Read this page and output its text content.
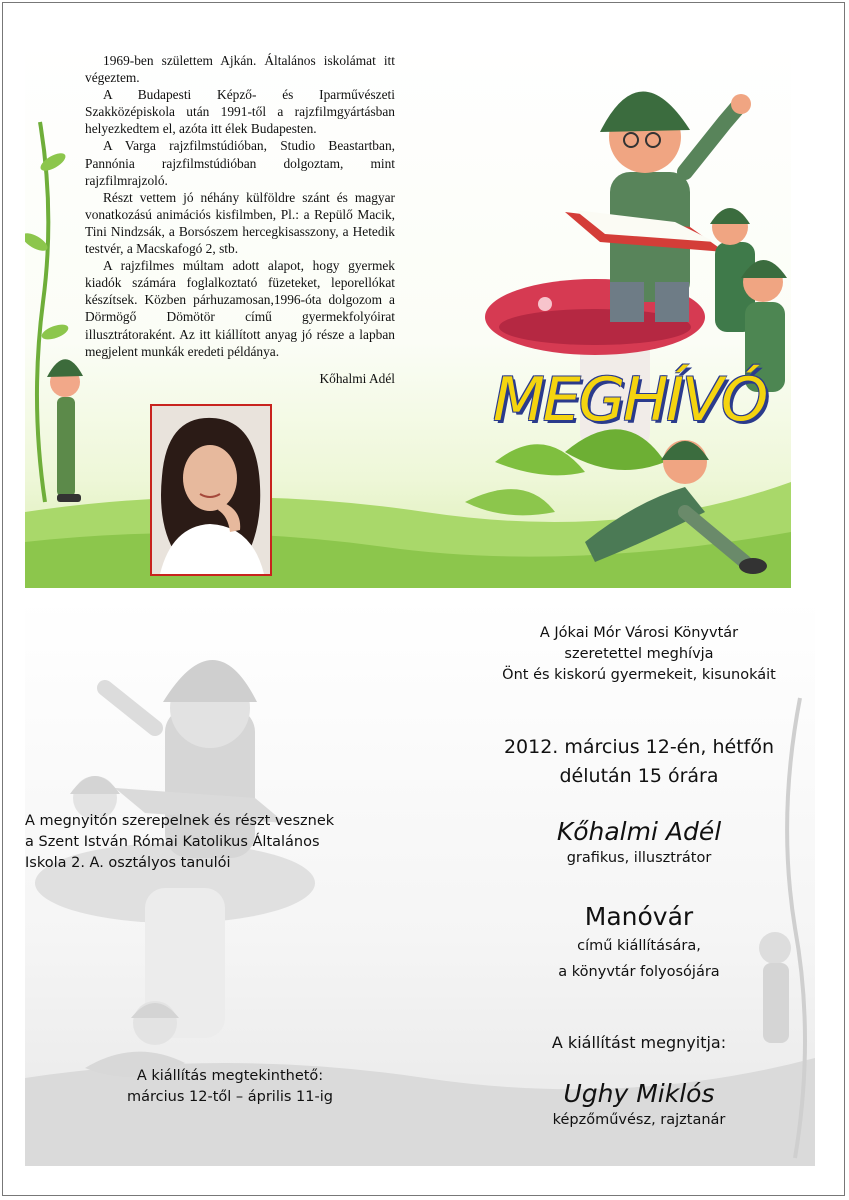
1969-ben születtem Ajkán. Általános iskolámat itt végeztem.

A Budapesti Képző- és Iparművészeti Szakközépiskola után 1991-től a rajzfilmgyártásban helyezkedtem el, azóta itt élek Budapesten.

A Varga rajzfilmstúdióban, Studio Beastartban, Pannónia rajzfilmstúdióban dolgoztam, mint rajzfilmrajzoló.

Részt vettem jó néhány külföldre szánt és magyar vonatkozású animációs kisfilmben, Pl.: a Repülő Macik, Tini Nindzsák, a Borsószem hercegkisasszony, a Hetedik testvér, a Macskafogó 2, stb.

A rajzfilmes múltam adott alapot, hogy gyermek kiadók számára foglalkoztató füzeteket, leporellókat készítsek. Közben párhuzamosan,1996-óta dolgozom a Dörmögő Dömötör című gyermekfolyóirat illusztrátoraként. Az itt kiállított anyag jó része a lapban megjelent munkák eredeti példánya.

Kőhalmi Adél MEGHÍVÓ
A Jókai Mór Városi Könyvtár
szeretettel meghívja
Önt és kiskorú gyermekeit, kisunokáit
2012. március 12-én, hétfőn
délután 15 órára
Kőhalmi Adél
grafikus, illusztrátor
Manóvár
című kiállítására,
a könyvtár folyosójára
A kiállítást megnyitja:
Ughy Miklós
képzőművész, rajztanár
A megnyitón szerepelnek és részt vesznek
a Szent István Római Katolikus Általános
Iskola 2. A. osztályos tanulói
A kiállítás megtekinthető:
március 12-től – április 11-ig
